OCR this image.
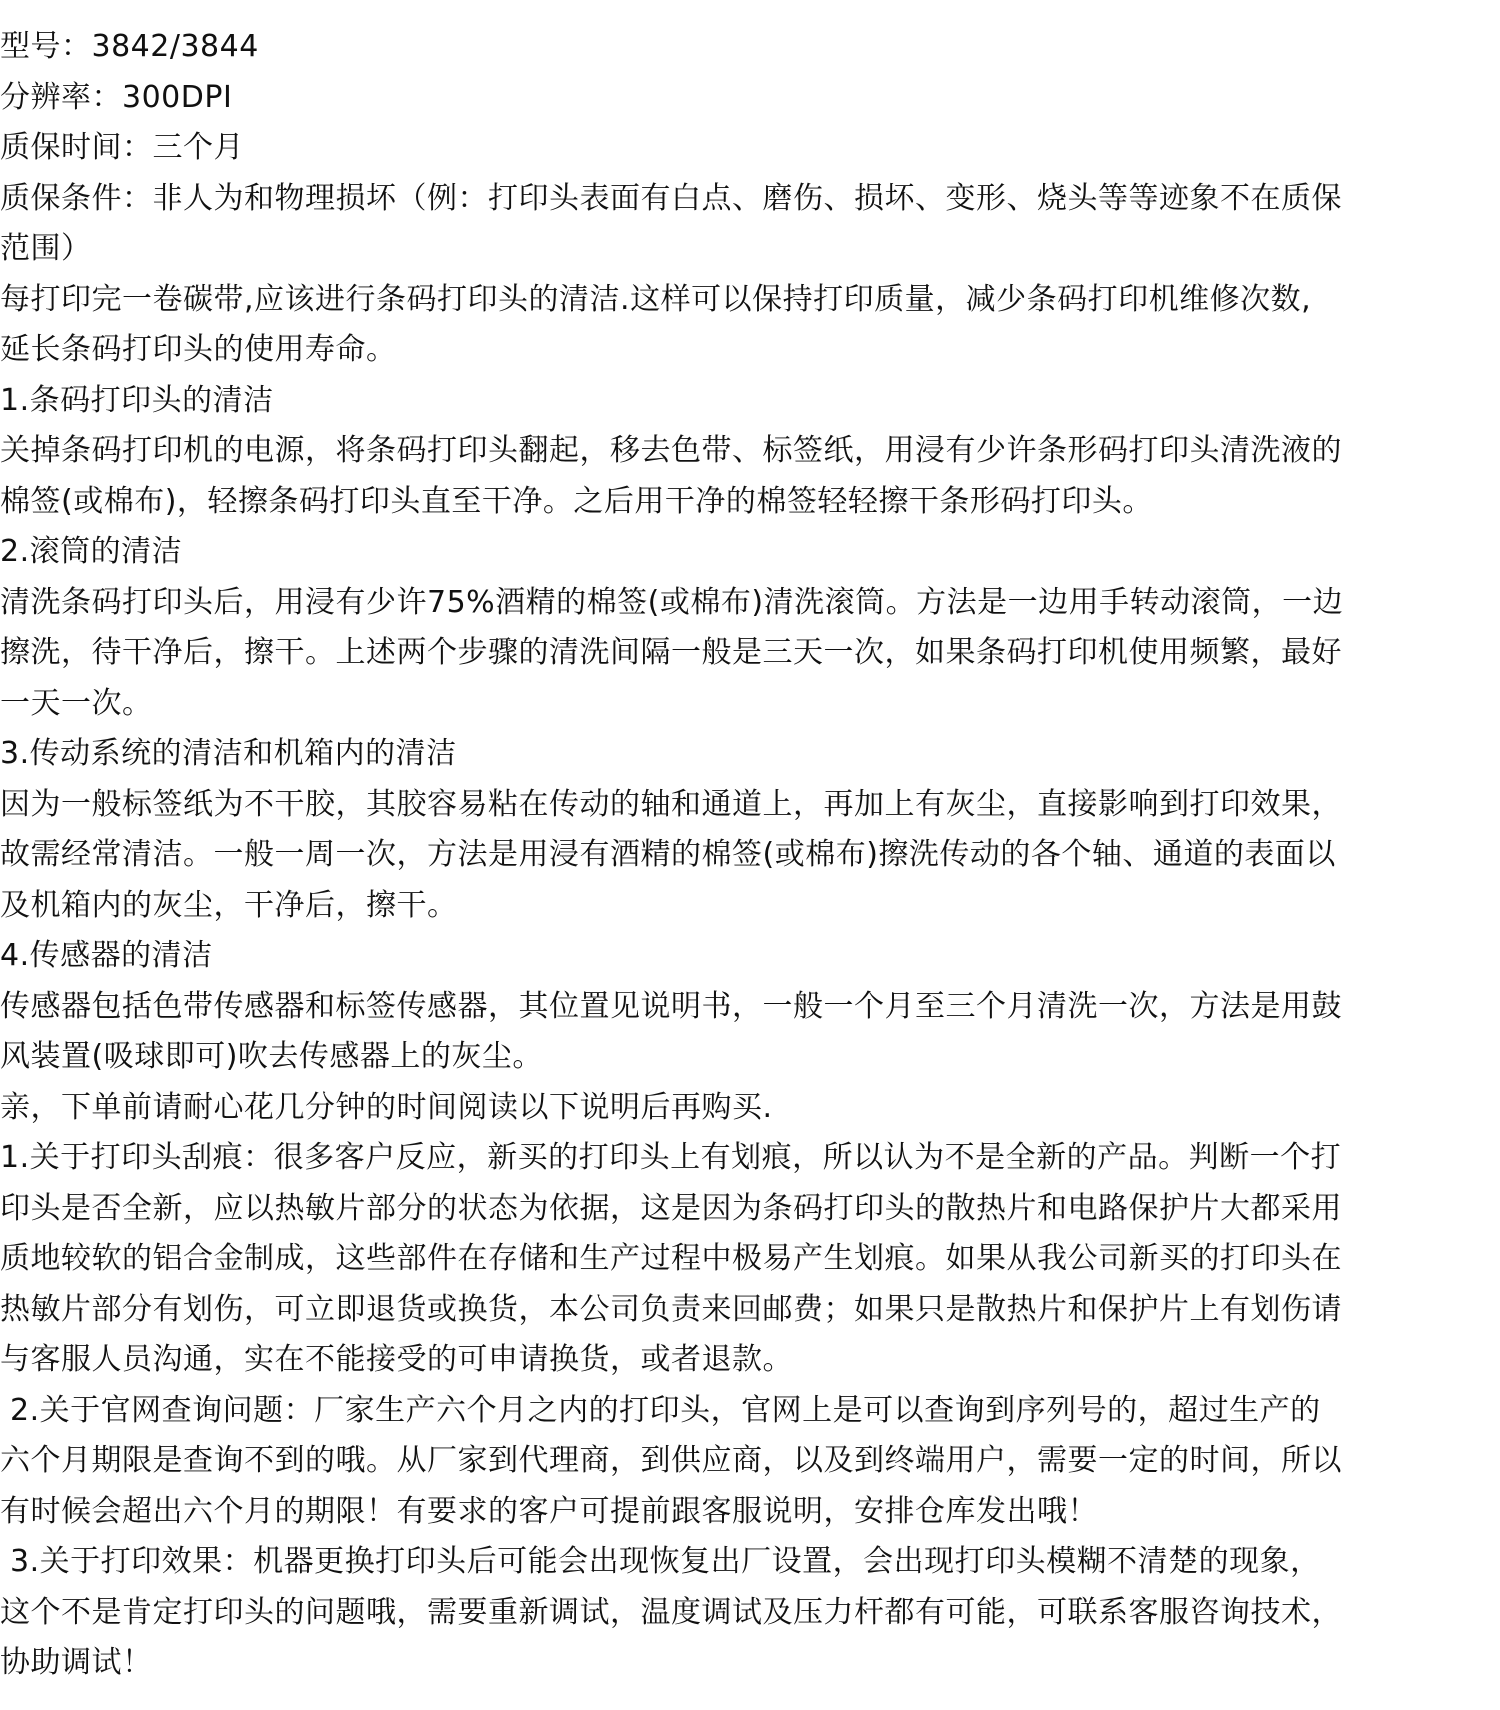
型号：3842/3844
分辨率：300DPI
质保时间：三个月
质保条件：非人为和物理损坏（例：打印头表面有白点、磨伤、损坏、变形、烧头等等迹象不在质保
范围）
每打印完一卷碳带,应该进行条码打印头的清洁.这样可以保持打印质量，减少条码打印机维修次数,
延长条码打印头的使用寿命。
1.条码打印头的清洁
关掉条码打印机的电源，将条码打印头翻起，移去色带、标签纸，用浸有少许条形码打印头清洗液的
棉签(或棉布)，轻擦条码打印头直至干净。之后用干净的棉签轻轻擦干条形码打印头。
2.滚筒的清洁
清洗条码打印头后，用浸有少许75%酒精的棉签(或棉布)清洗滚筒。方法是一边用手转动滚筒，一边
擦洗，待干净后，擦干。上述两个步骤的清洗间隔一般是三天一次，如果条码打印机使用频繁，最好
一天一次。
3.传动系统的清洁和机箱内的清洁
因为一般标签纸为不干胶，其胶容易粘在传动的轴和通道上，再加上有灰尘，直接影响到打印效果，
故需经常清洁。一般一周一次，方法是用浸有酒精的棉签(或棉布)擦洗传动的各个轴、通道的表面以
及机箱内的灰尘，干净后，擦干。
4.传感器的清洁
传感器包括色带传感器和标签传感器，其位置见说明书，一般一个月至三个月清洗一次，方法是用鼓
风装置(吸球即可)吹去传感器上的灰尘。
亲，下单前请耐心花几分钟的时间阅读以下说明后再购买.
1.关于打印头刮痕：很多客户反应，新买的打印头上有划痕，所以认为不是全新的产品。判断一个打
印头是否全新，应以热敏片部分的状态为依据，这是因为条码打印头的散热片和电路保护片大都采用
质地较软的铝合金制成，这些部件在存储和生产过程中极易产生划痕。如果从我公司新买的打印头在
热敏片部分有划伤，可立即退货或换货，本公司负责来回邮费；如果只是散热片和保护片上有划伤请
与客服人员沟通，实在不能接受的可申请换货，或者退款。
2.关于官网查询问题：厂家生产六个月之内的打印头，官网上是可以查询到序列号的，超过生产的
六个月期限是查询不到的哦。从厂家到代理商，到供应商，以及到终端用户，需要一定的时间，所以
有时候会超出六个月的期限！有要求的客户可提前跟客服说明，安排仓库发出哦！
3.关于打印效果：机器更换打印头后可能会出现恢复出厂设置，会出现打印头模糊不清楚的现象，
这个不是肯定打印头的问题哦，需要重新调试，温度调试及压力杆都有可能，可联系客服咨询技术，
协助调试！
